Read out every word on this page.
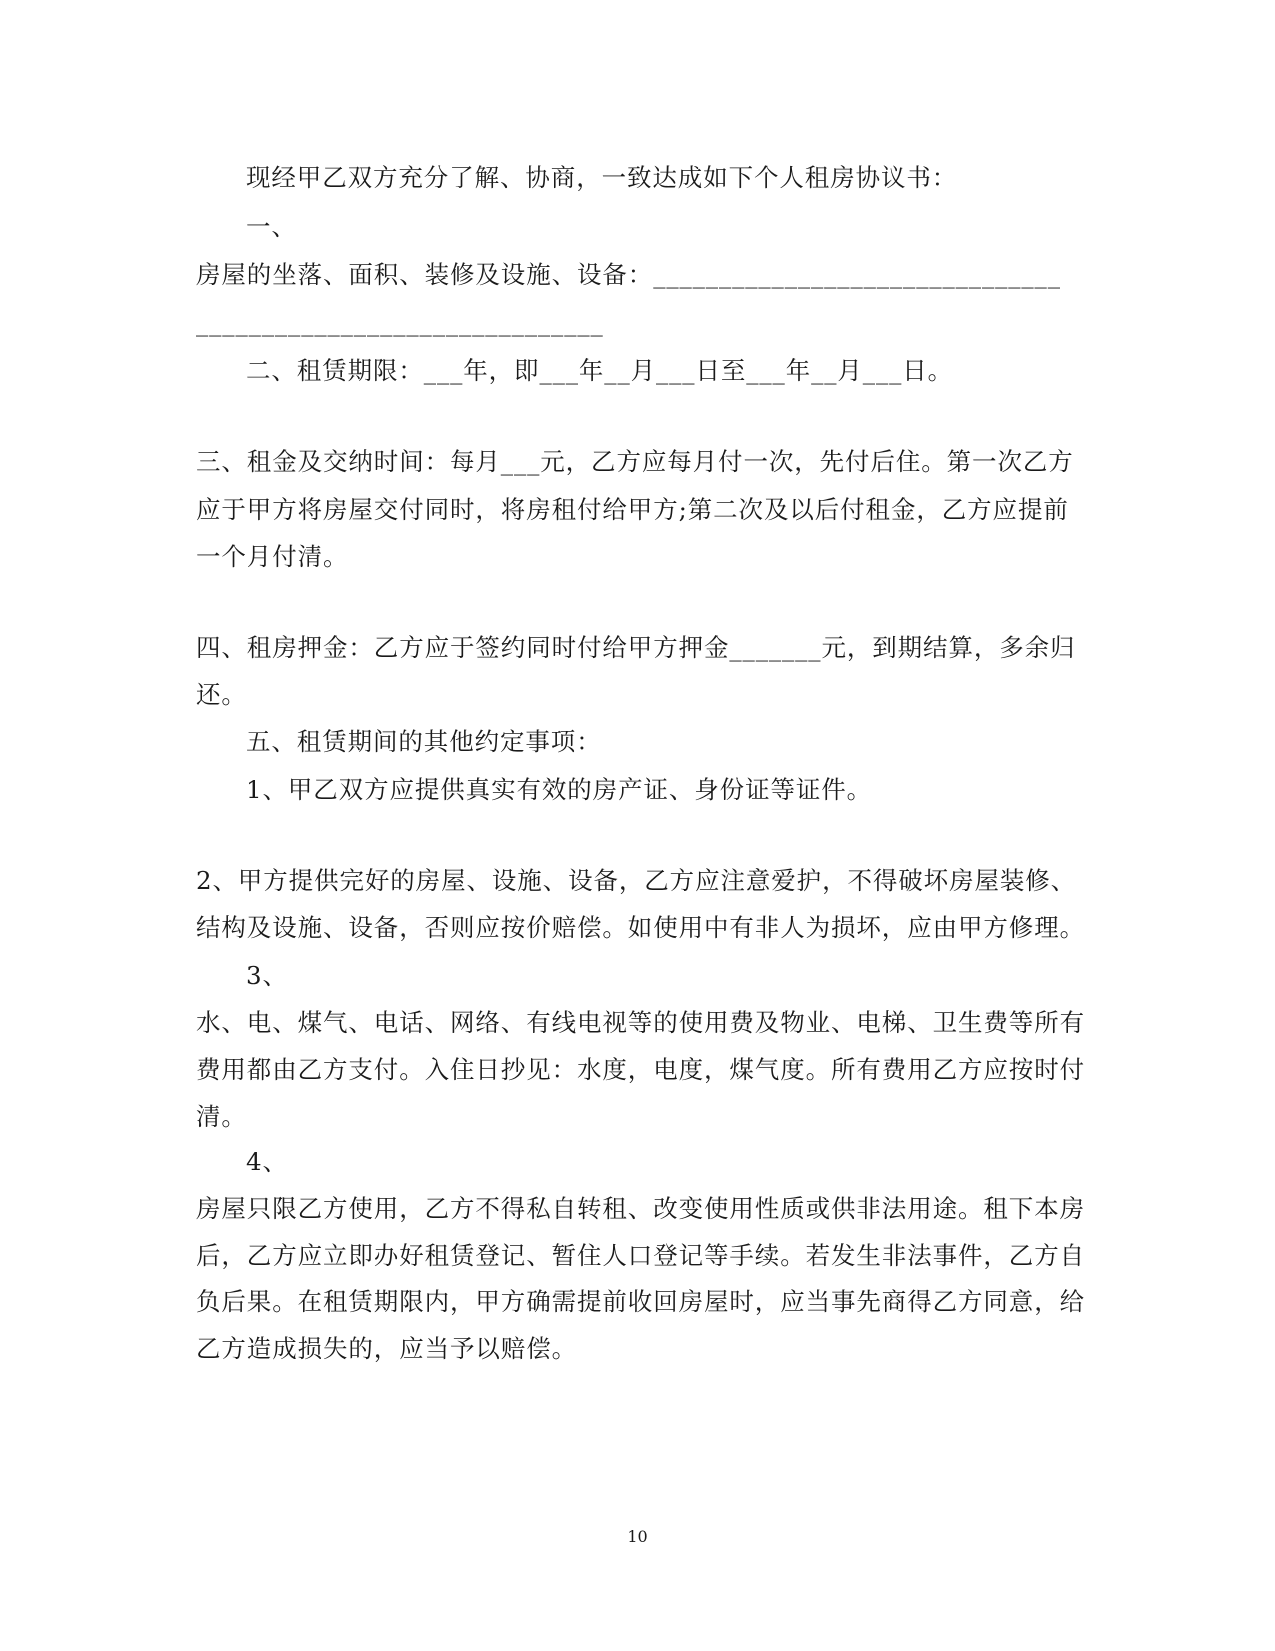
现经甲乙双方充分了解、协商，一致达成如下个人租房协议书：
一、
房屋的坐落、面积、装修及设施、设备：_______________________________
_______________________________
二、租赁期限：___年，即___年__月___日至___年__月___日。
三、租金及交纳时间：每月___元，乙方应每月付一次，先付后住。第一次乙方
应于甲方将房屋交付同时，将房租付给甲方;第二次及以后付租金，乙方应提前
一个月付清。
四、租房押金：乙方应于签约同时付给甲方押金_______元，到期结算，多余归
还。
五、租赁期间的其他约定事项：
1、甲乙双方应提供真实有效的房产证、身份证等证件。
2、甲方提供完好的房屋、设施、设备，乙方应注意爱护，不得破坏房屋装修、
结构及设施、设备，否则应按价赔偿。如使用中有非人为损坏，应由甲方修理。
3、
水、电、煤气、电话、网络、有线电视等的使用费及物业、电梯、卫生费等所有
费用都由乙方支付。入住日抄见：水度，电度，煤气度。所有费用乙方应按时付
清。
4、
房屋只限乙方使用，乙方不得私自转租、改变使用性质或供非法用途。租下本房
后，乙方应立即办好租赁登记、暂住人口登记等手续。若发生非法事件，乙方自
负后果。在租赁期限内，甲方确需提前收回房屋时，应当事先商得乙方同意，给
乙方造成损失的，应当予以赔偿。
10
